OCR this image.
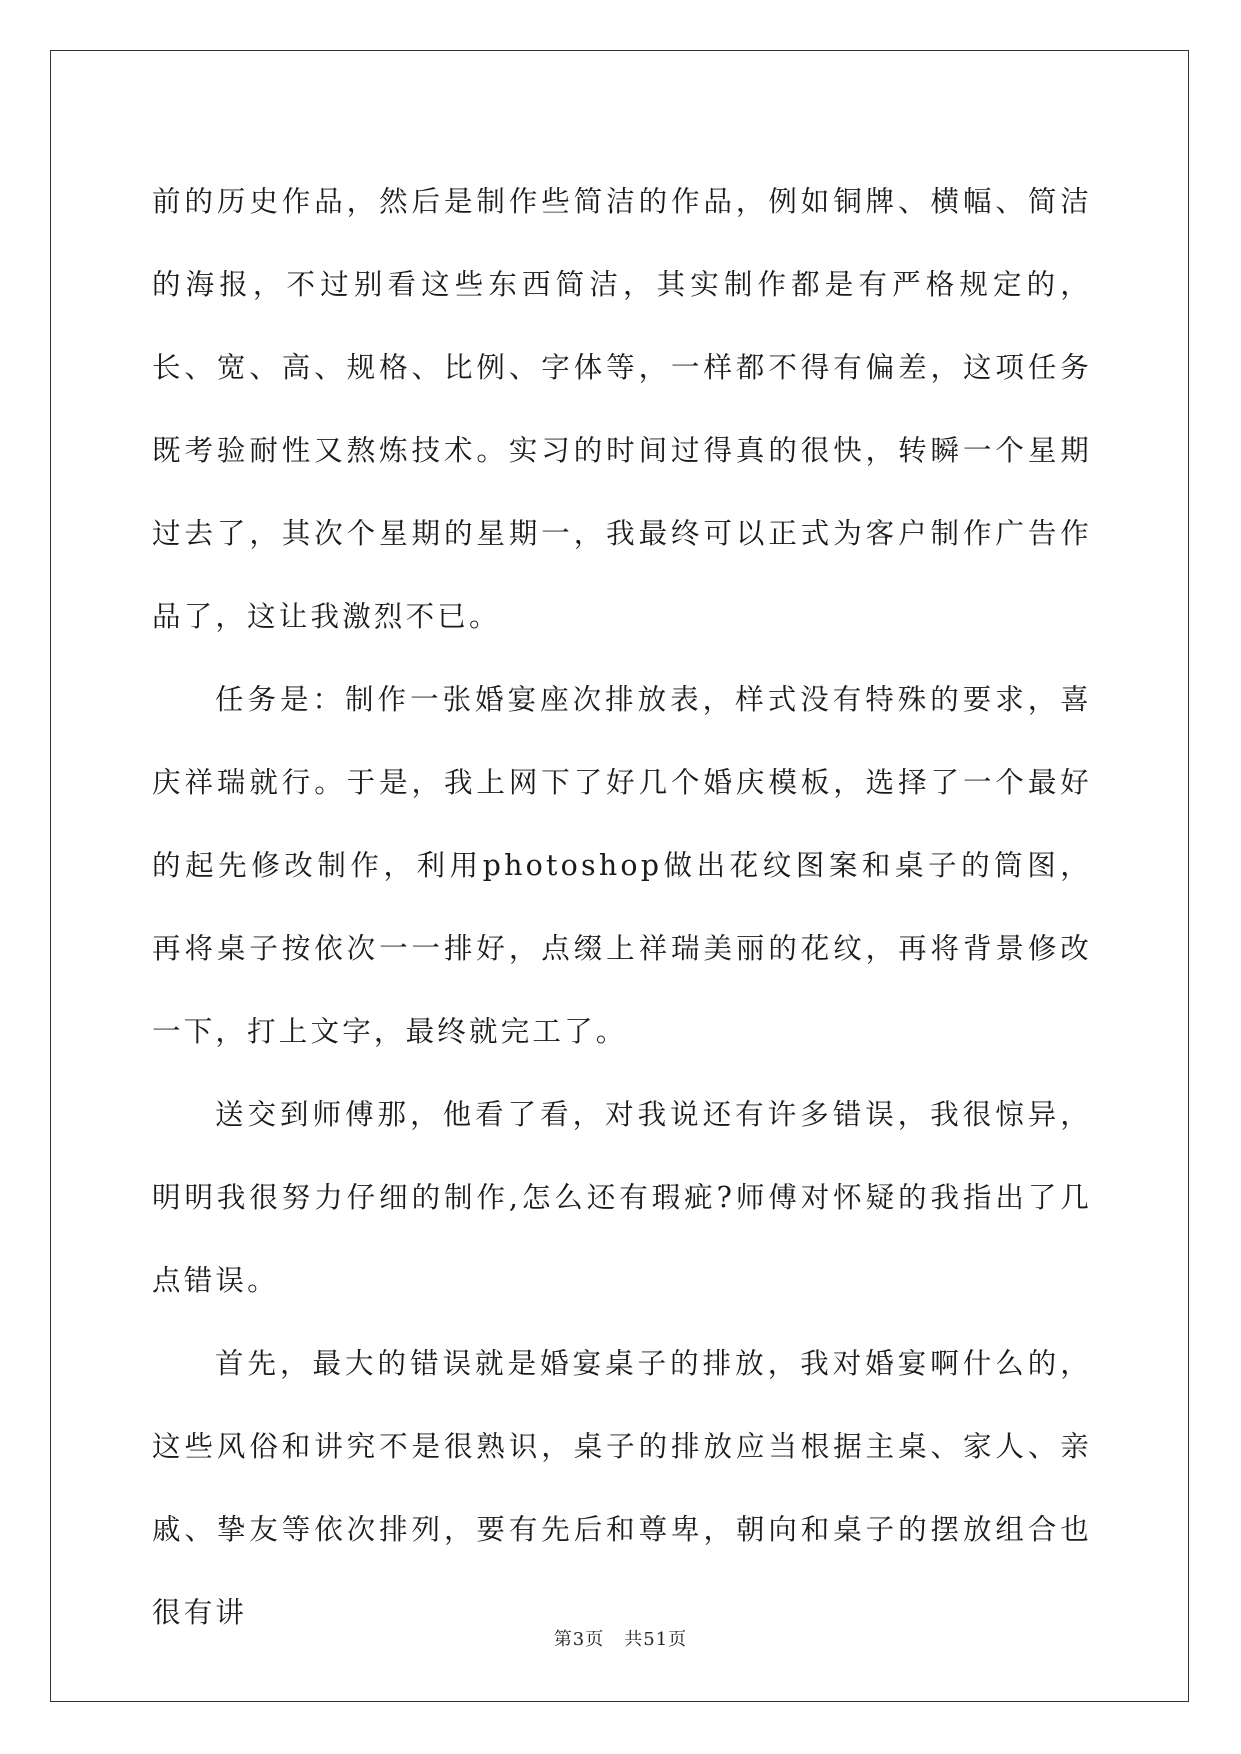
前的历史作品，然后是制作些简洁的作品，例如铜牌、横幅、简洁的海报，不过别看这些东西简洁，其实制作都是有严格规定的，长、宽、高、规格、比例、字体等，一样都不得有偏差，这项任务既考验耐性又熬炼技术。实习的时间过得真的很快，转瞬一个星期过去了，其次个星期的星期一，我最终可以正式为客户制作广告作品了，这让我激烈不已。

任务是：制作一张婚宴座次排放表，样式没有特殊的要求，喜庆祥瑞就行。于是，我上网下了好几个婚庆模板，选择了一个最好的起先修改制作，利用photoshop做出花纹图案和桌子的筒图，再将桌子按依次一一排好，点缀上祥瑞美丽的花纹，再将背景修改一下，打上文字，最终就完工了。

送交到师傅那，他看了看，对我说还有许多错误，我很惊异，明明我很努力仔细的制作,怎么还有瑕疵?师傅对怀疑的我指出了几点错误。

首先，最大的错误就是婚宴桌子的排放，我对婚宴啊什么的，这些风俗和讲究不是很熟识，桌子的排放应当根据主桌、家人、亲戚、挚友等依次排列，要有先后和尊卑，朝向和桌子的摆放组合也很有讲

第3页 共51页
